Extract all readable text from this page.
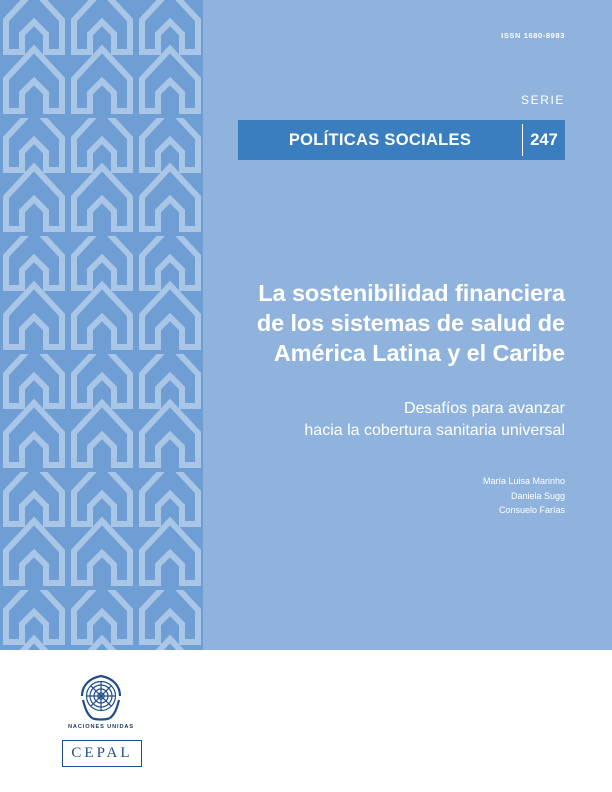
ISSN 1680-8983
SERIE
POLÍTICAS SOCIALES	247
La sostenibilidad financiera
de los sistemas de salud de
América Latina y el Caribe
Desafíos para avanzar
hacia la cobertura sanitaria universal
María Luisa Marinho
Daniela Sugg
Consuelo Farías
NACIONES UNIDAS
CEPAL
